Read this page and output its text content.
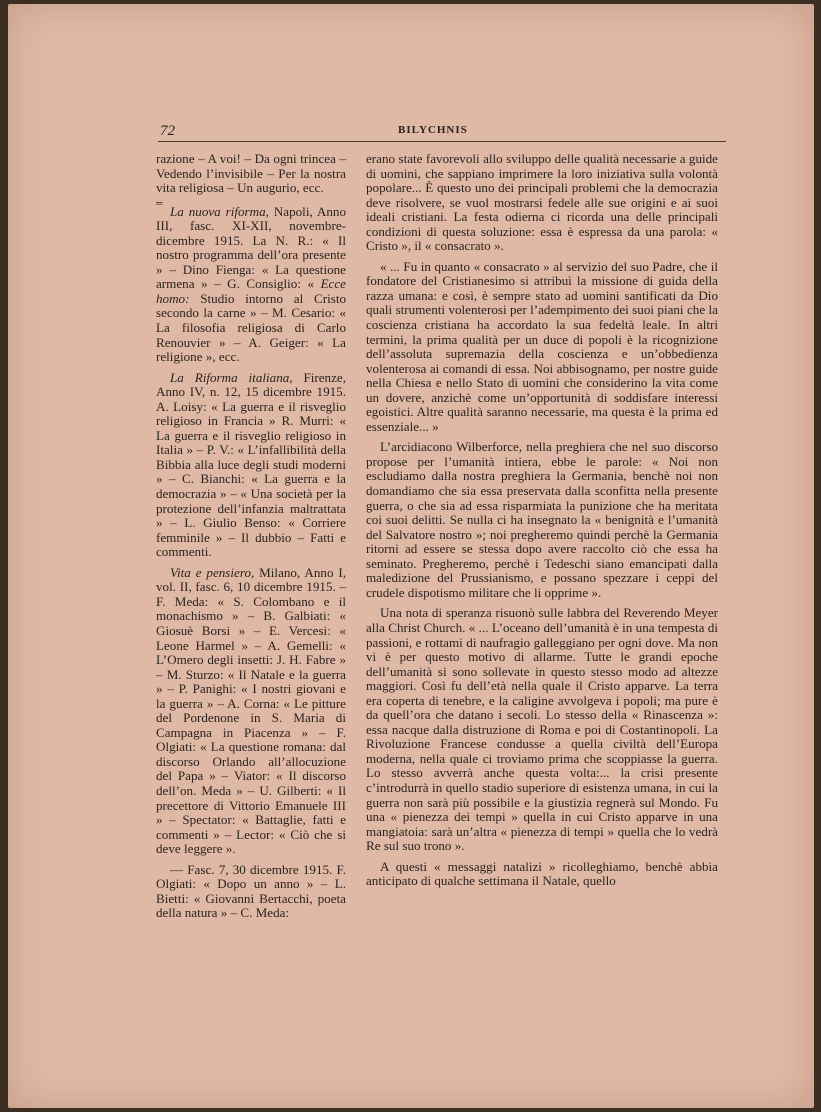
72	BILYCHNIS

razione – A voi! – Da ogni trincea – Vedendo l’invisibile – Per la nostra vita religiosa – Un augurio, ecc.

═

La nuova riforma, Napoli, Anno III, fasc. XI-XII, novembre-dicembre 1915. La N. R.: « Il nostro programma dell’ora presente » – Dino Fienga: « La questione armena » – G. Consiglio: « Ecce homo: Studio intorno al Cristo secondo la carne » – M. Cesario: « La filosofia religiosa di Carlo Renouvier » – A. Geiger: « La religione », ecc.

La Riforma italiana, Firenze, Anno IV, n. 12, 15 dicembre 1915. A. Loisy: « La guerra e il risveglio religioso in Francia » R. Murri: « La guerra e il risveglio religioso in Italia » – P. V.: « L’infallibilità della Bibbia alla luce degli studi moderni » – C. Bianchi: « La guerra e la democrazia » – « Una società per la protezione dell’infanzia maltrattata » – L. Giulio Benso: « Corriere femminile » – Il dubbio – Fatti e commenti.

Vita e pensiero, Milano, Anno I, vol. II, fasc. 6, 10 dicembre 1915. – F. Meda: « S. Colombano e il monachismo » – B. Galbiati: « Giosuè Borsi » – E. Vercesi: « Leone Harmel » – A. Gemelli: « L’Omero degli insetti: J. H. Fabre » – M. Sturzo: « Il Natale e la guerra » – P. Panighi: « I nostri giovani e la guerra » – A. Corna: « Le pitture del Pordenone in S. Maria di Campagna in Piacenza » – F. Olgiati: « La questione romana: dal discorso Orlando all’allocuzione del Papa » – Viator: « Il discorso dell’on. Meda » – U. Gilberti: « Il precettore di Vittorio Emanuele III » – Spectator: « Battaglie, fatti e commenti » – Lector: « Ciò che si deve leggere ».

— Fasc. 7, 30 dicembre 1915. F. Olgiati: « Dopo un anno » – L. Bietti: « Giovanni Bertacchi, poeta della natura » – C. Meda:

erano state favorevoli allo sviluppo delle qualità necessarie a guide di uomini, che sappiano imprimere la loro iniziativa sulla volontà popolare... È questo uno dei principali problemi che la democrazia deve risolvere, se vuol mostrarsi fedele alle sue origini e ai suoi ideali cristiani. La festa odierna ci ricorda una delle principali condizioni di questa soluzione: essa è espressa da una parola: « Cristo », il « consacrato ».

« ... Fu in quanto « consacrato » al servizio del suo Padre, che il fondatore del Cristianesimo si attribuì la missione di guida della razza umana: e così, è sempre stato ad uomini santificati da Dio quali strumenti volenterosi per l’adempimento dei suoi piani che la coscienza cristiana ha accordato la sua fedeltà leale. In altri termini, la prima qualità per un duce di popoli è la ricognizione dell’assoluta supremazia della coscienza e un’obbedienza volenterosa ai comandi di essa. Noi abbisognamo, per nostre guide nella Chiesa e nello Stato di uomini che considerino la vita come un dovere, anzichè come un’opportunità di soddisfare interessi egoistici. Altre qualità saranno necessarie, ma questa è la prima ed essenziale... »

L’arcidiacono Wilberforce, nella preghiera che nel suo discorso propose per l’umanità intiera, ebbe le parole: « Noi non escludiamo dalla nostra preghiera la Germania, benchè noi non domandiamo che sia essa preservata dalla sconfitta nella presente guerra, o che sia ad essa risparmiata la punizione che ha meritata coi suoi delitti. Se nulla ci ha insegnato la « benignità e l’umanità del Salvatore nostro »; noi pregheremo quindi perchè la Germania ritorni ad essere se stessa dopo avere raccolto ciò che essa ha seminato. Pregheremo, perchè i Tedeschi siano emancipati dalla maledizione del Prussianismo, e possano spezzare i ceppi del crudele dispotismo militare che li opprime ».

Una nota di speranza risuonò sulle labbra del Reverendo Meyer alla Christ Church. « ... L’oceano dell’umanità è in una tempesta di passioni, e rottami di naufragio galleggiano per ogni dove. Ma non vi è per questo motivo di allarme. Tutte le grandi epoche dell’umanità si sono sollevate in questo stesso modo ad altezze maggiori. Così fu dell’età nella quale il Cristo apparve. La terra era coperta di tenebre, e la caligine avvolgeva i popoli; ma pure è da quell’ora che datano i secoli. Lo stesso della « Rinascenza »: essa nacque dalla distruzione di Roma e poi di Costantinopoli. La Rivoluzione Francese condusse a quella civiltà dell’Europa moderna, nella quale ci troviamo prima che scoppiasse la guerra. Lo stesso avverrà anche questa volta:... la crisi presente c’introdurrà in quello stadio superiore di esistenza umana, in cui la guerra non sarà più possibile e la giustizia regnerà sul Mondo. Fu una « pienezza dei tempi » quella in cui Cristo apparve in una mangiatoia: sarà un’altra « pienezza di tempi » quella che lo vedrà Re sul suo trono ».

A questi « messaggi natalizi » ricolleghiamo, benchè abbia anticipato di qualche settimana il Natale, quello
